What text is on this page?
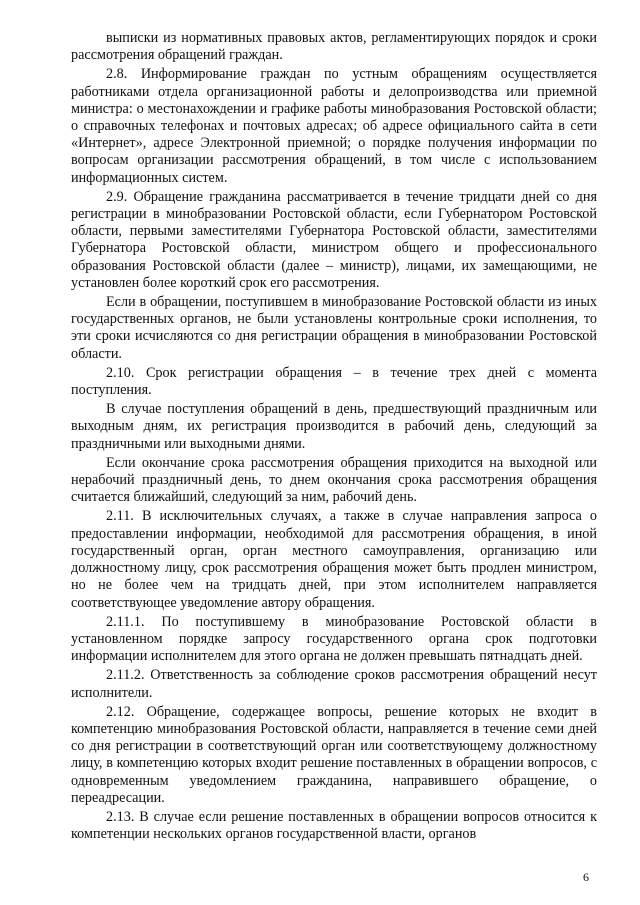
выписки из нормативных правовых актов, регламентирующих порядок и сроки рассмотрения обращений граждан.

2.8. Информирование граждан по устным обращениям осуществляется работниками отдела организационной работы и делопроизводства или приемной министра: о местонахождении и графике работы минобразования Ростовской области; о справочных телефонах и почтовых адресах; об адресе официального сайта в сети «Интернет», адресе Электронной приемной; о порядке получения информации по вопросам организации рассмотрения обращений, в том числе с использованием информационных систем.

2.9. Обращение гражданина рассматривается в течение тридцати дней со дня регистрации в минобразовании Ростовской области, если Губернатором Ростовской области, первыми заместителями Губернатора Ростовской области, заместителями Губернатора Ростовской области, министром общего и профессионального образования Ростовской области (далее – министр), лицами, их замещающими, не установлен более короткий срок его рассмотрения.

Если в обращении, поступившем в минобразование Ростовской области из иных государственных органов, не были установлены контрольные сроки исполнения, то эти сроки исчисляются со дня регистрации обращения в минобразовании Ростовской области.

2.10. Срок регистрации обращения – в течение трех дней с момента поступления.

В случае поступления обращений в день, предшествующий праздничным или выходным дням, их регистрация производится в рабочий день, следующий за праздничными или выходными днями.

Если окончание срока рассмотрения обращения приходится на выходной или нерабочий праздничный день, то днем окончания срока рассмотрения обращения считается ближайший, следующий за ним, рабочий день.

2.11. В исключительных случаях, а также в случае направления запроса о предоставлении информации, необходимой для рассмотрения обращения, в иной государственный орган, орган местного самоуправления, организацию или должностному лицу, срок рассмотрения обращения может быть продлен министром, но не более чем на тридцать дней, при этом исполнителем направляется соответствующее уведомление автору обращения.

2.11.1. По поступившему в минобразование Ростовской области в установленном порядке запросу государственного органа срок подготовки информации исполнителем для этого органа не должен превышать пятнадцать дней.

2.11.2. Ответственность за соблюдение сроков рассмотрения обращений несут исполнители.

2.12. Обращение, содержащее вопросы, решение которых не входит в компетенцию минобразования Ростовской области, направляется в течение семи дней со дня регистрации в соответствующий орган или соответствующему должностному лицу, в компетенцию которых входит решение поставленных в обращении вопросов, с одновременным уведомлением гражданина, направившего обращение, о переадресации.

2.13. В случае если решение поставленных в обращении вопросов относится к компетенции нескольких органов государственной власти, органов

6
